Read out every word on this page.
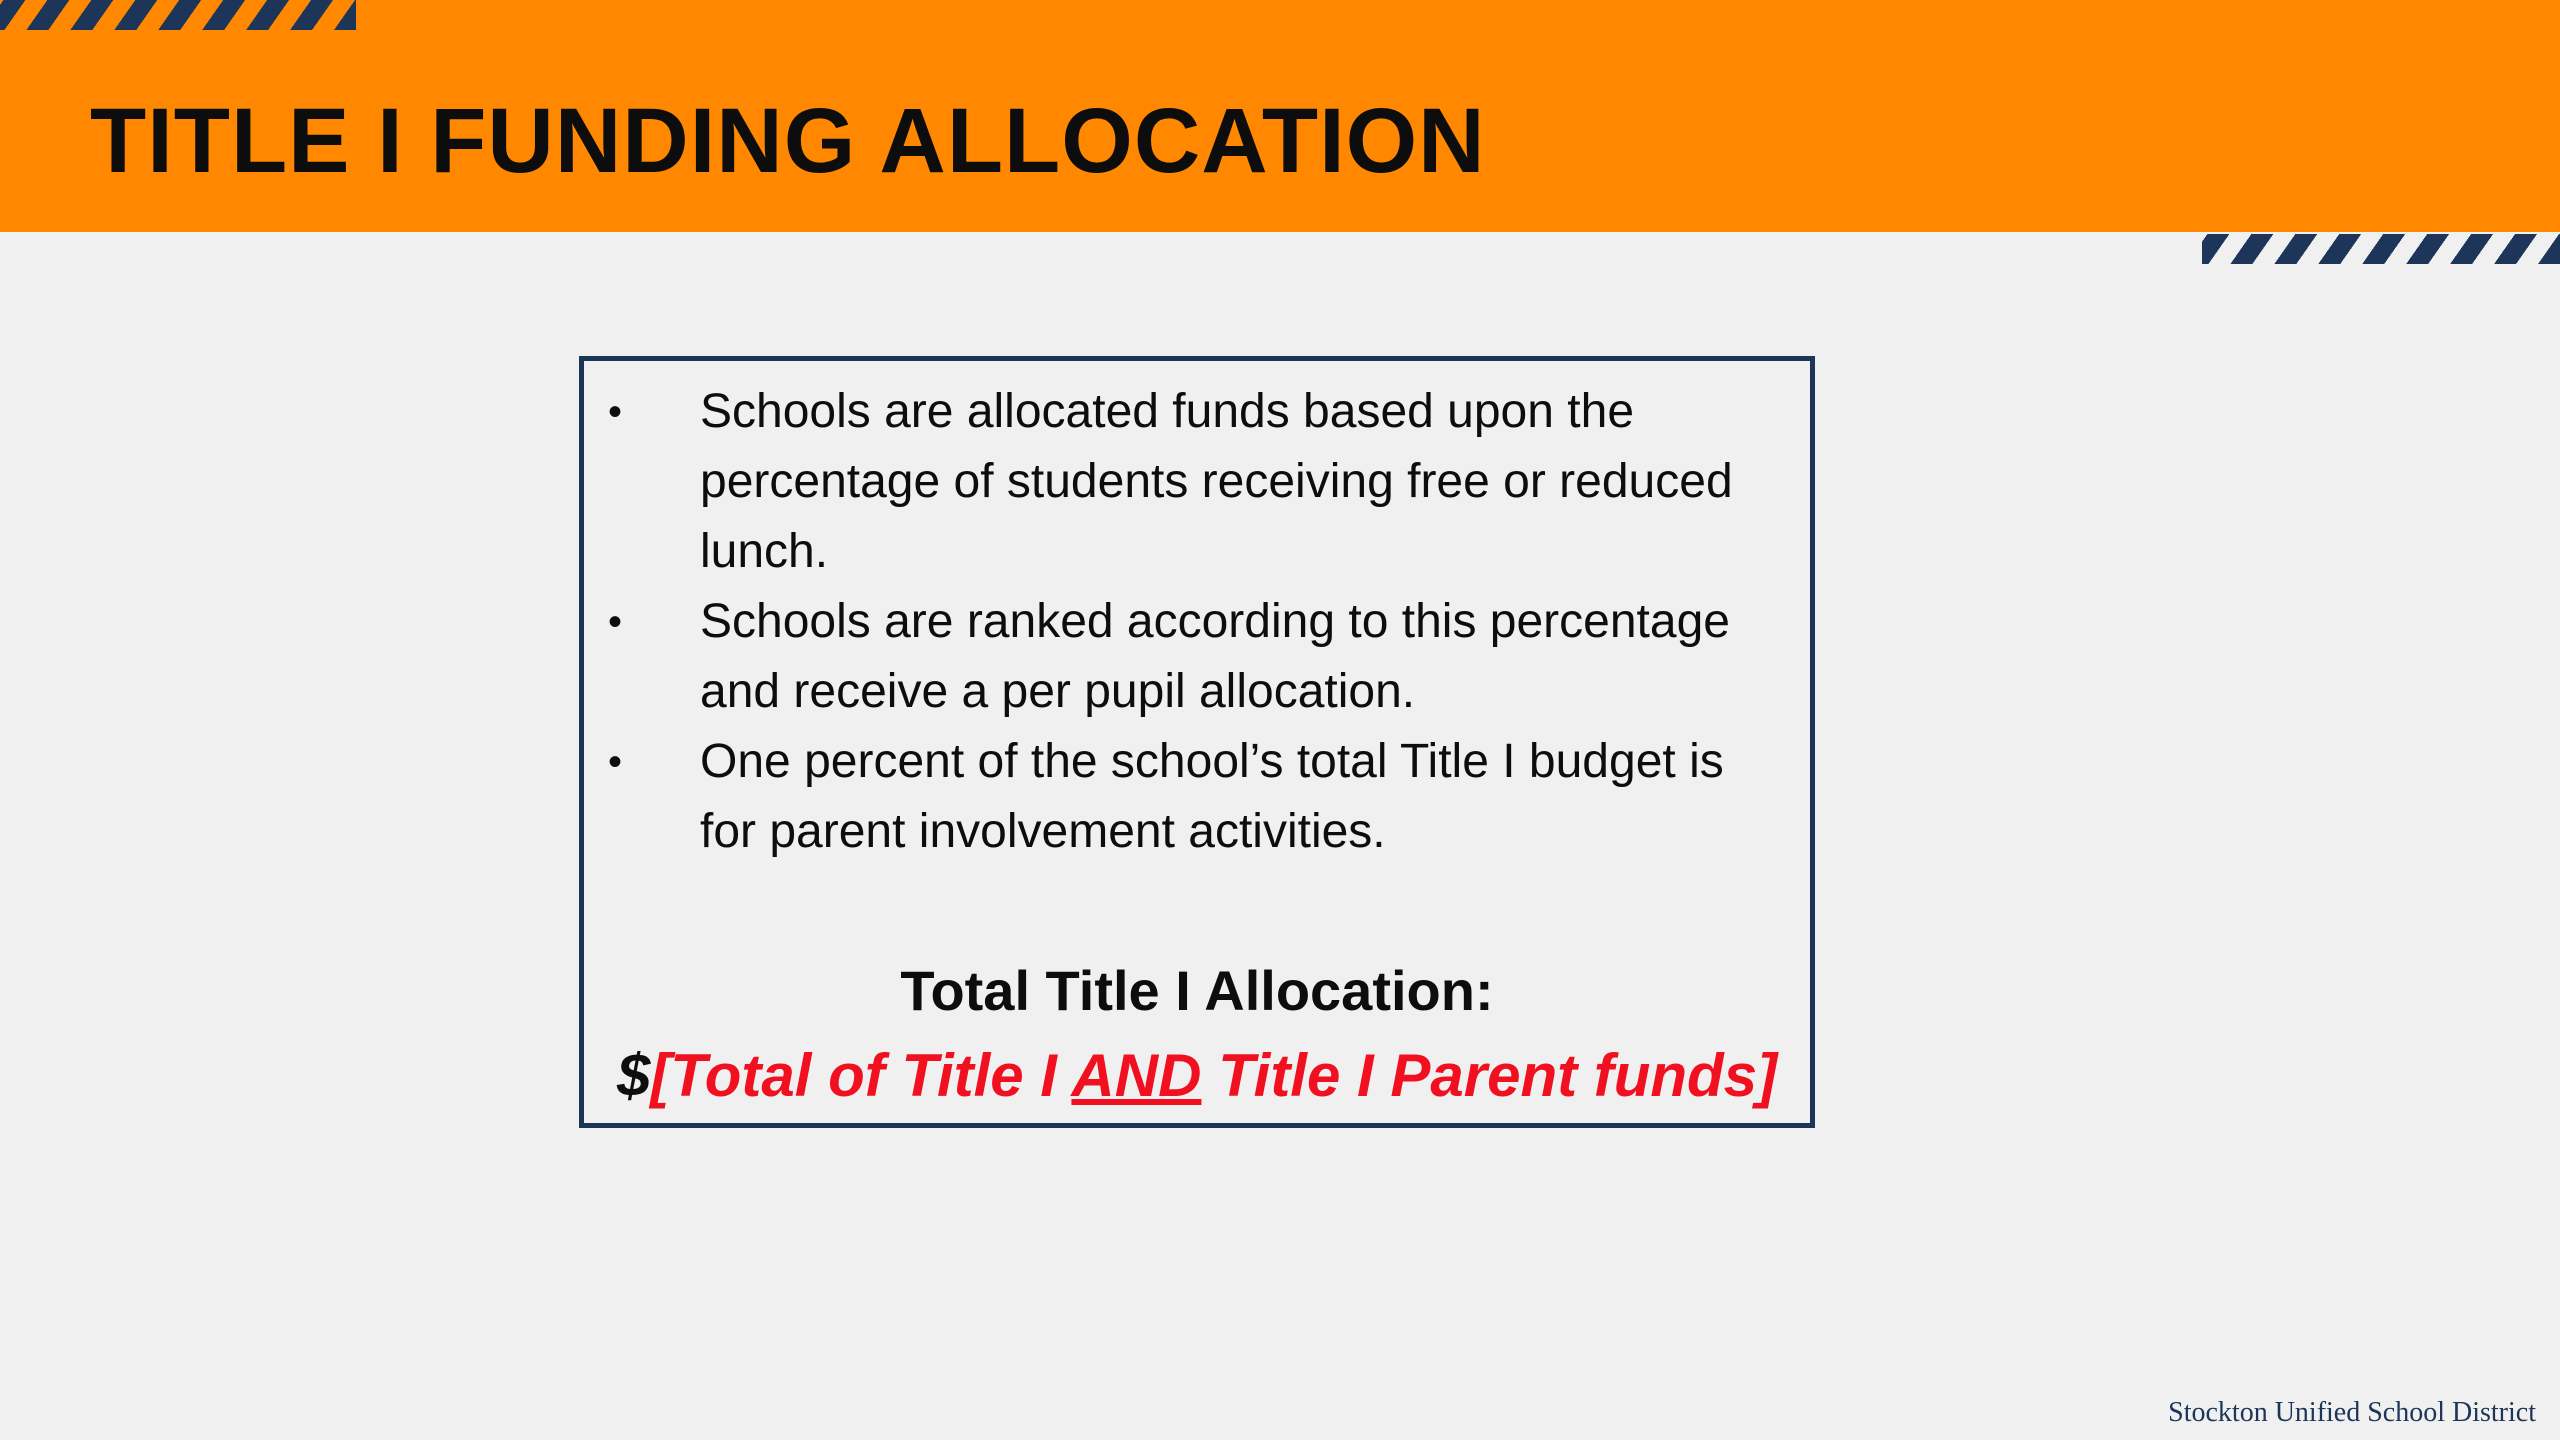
TITLE I FUNDING ALLOCATION
• Schools are allocated funds based upon the percentage of students receiving free or reduced lunch.
• Schools are ranked according to this percentage and receive a per pupil allocation.
• One percent of the school’s total Title I budget is for parent involvement activities.
Total Title I Allocation:
$[Total of Title I AND Title I Parent funds]
Stockton Unified School District
